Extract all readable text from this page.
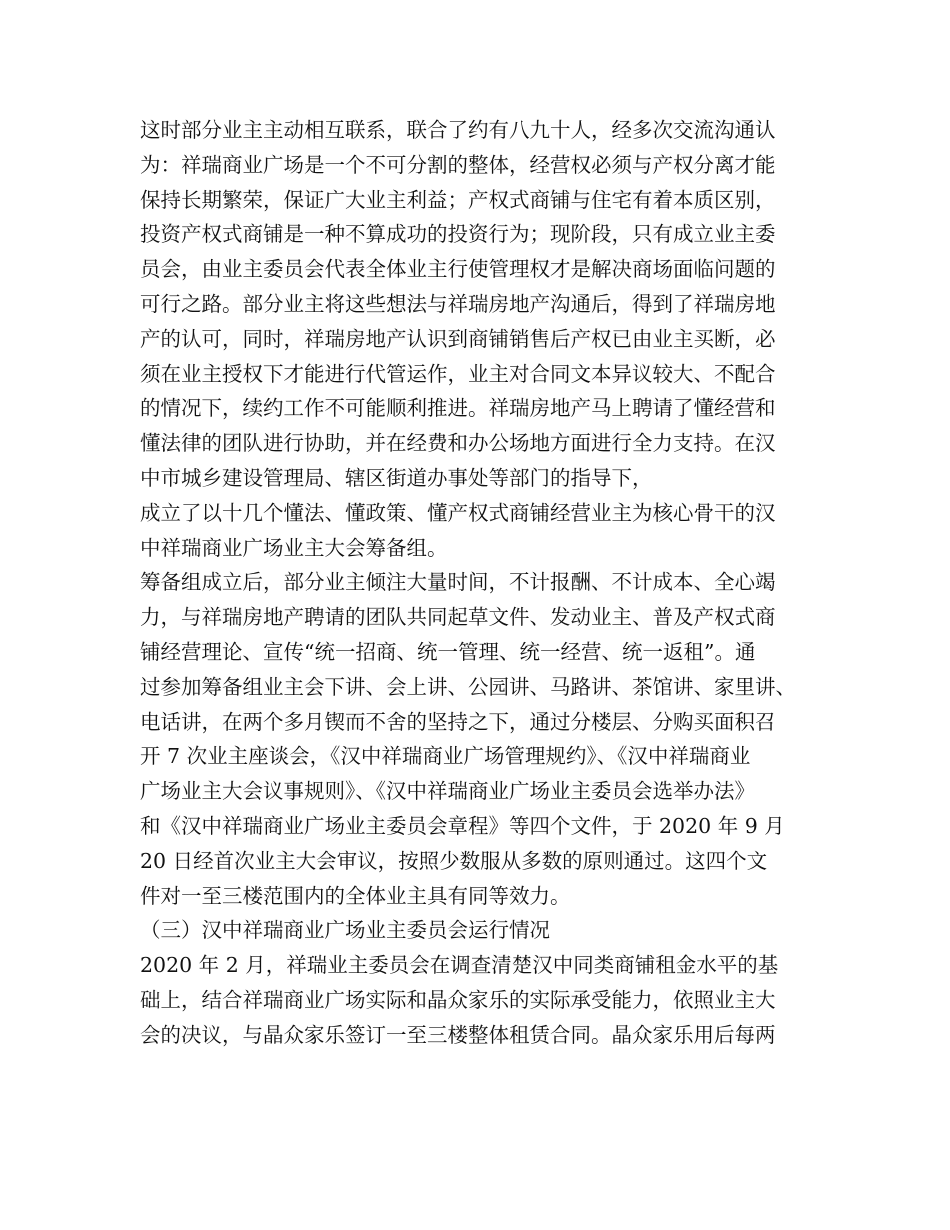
这时部分业主主动相互联系，联合了约有八九十人，经多次交流沟通认
为：祥瑞商业广场是一个不可分割的整体，经营权必须与产权分离才能
保持长期繁荣，保证广大业主利益；产权式商铺与住宅有着本质区别，
投资产权式商铺是一种不算成功的投资行为；现阶段，只有成立业主委
员会，由业主委员会代表全体业主行使管理权才是解决商场面临问题的
可行之路。部分业主将这些想法与祥瑞房地产沟通后，得到了祥瑞房地
产的认可，同时，祥瑞房地产认识到商铺销售后产权已由业主买断，必
须在业主授权下才能进行代管运作，业主对合同文本异议较大、不配合
的情况下，续约工作不可能顺利推进。祥瑞房地产马上聘请了懂经营和
懂法律的团队进行协助，并在经费和办公场地方面进行全力支持。在汉
中市城乡建设管理局、辖区街道办事处等部门的指导下，
成立了以十几个懂法、懂政策、懂产权式商铺经营业主为核心骨干的汉
中祥瑞商业广场业主大会筹备组。
筹备组成立后，部分业主倾注大量时间，不计报酬、不计成本、全心竭
力，与祥瑞房地产聘请的团队共同起草文件、发动业主、普及产权式商
铺经营理论、宣传“统一招商、统一管理、统一经营、统一返租”。通
过参加筹备组业主会下讲、会上讲、公园讲、马路讲、茶馆讲、家里讲、
电话讲，在两个多月锲而不舍的坚持之下，通过分楼层、分购买面积召
开 7 次业主座谈会，《汉中祥瑞商业广场管理规约》、《汉中祥瑞商业
广场业主大会议事规则》、《汉中祥瑞商业广场业主委员会选举办法》
和《汉中祥瑞商业广场业主委员会章程》等四个文件，于 2020 年 9 月
20 日经首次业主大会审议，按照少数服从多数的原则通过。这四个文
件对一至三楼范围内的全体业主具有同等效力。
（三）汉中祥瑞商业广场业主委员会运行情况
2020 年 2 月，祥瑞业主委员会在调查清楚汉中同类商铺租金水平的基
础上，结合祥瑞商业广场实际和晶众家乐的实际承受能力，依照业主大
会的决议，与晶众家乐签订一至三楼整体租赁合同。晶众家乐用后每两
